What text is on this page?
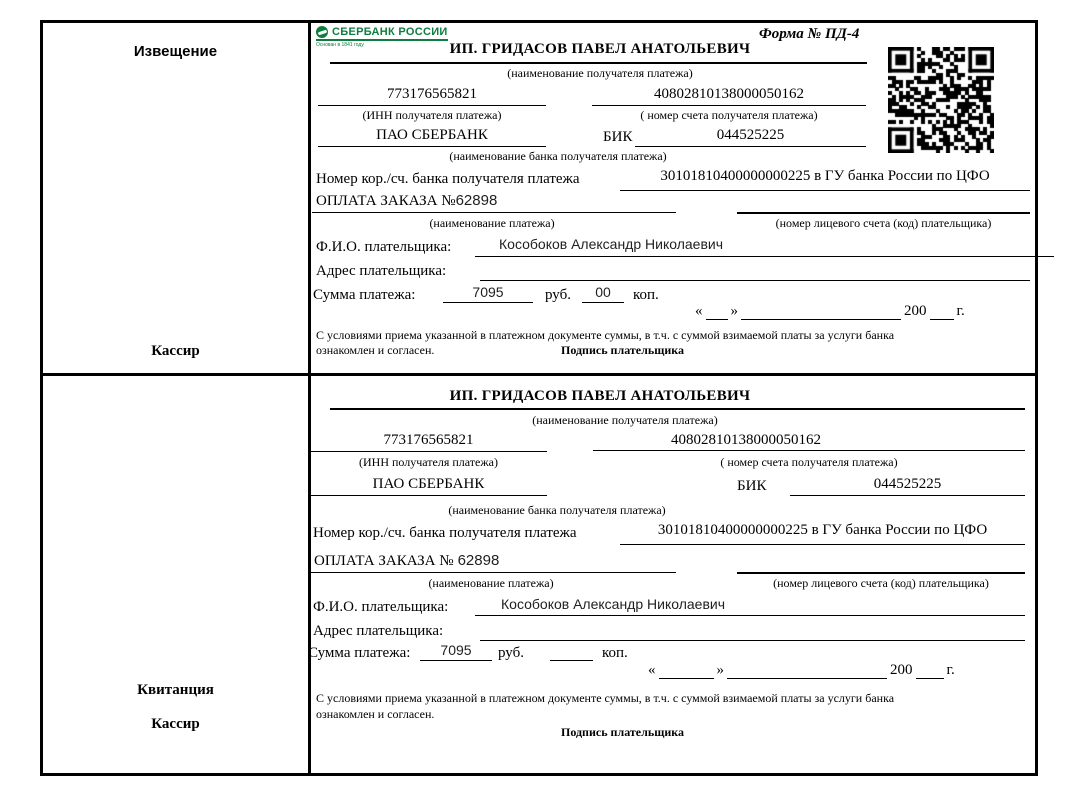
Извещение
Кассир
СБЕРБАНК РОССИИ
Основан в 1841 году
Форма № ПД-4
ИП. ГРИДАСОВ ПАВЕЛ АНАТОЛЬЕВИЧ
(наименование получателя платежа)
773176565821	40802810138000050162
(ИНН получателя платежа)	( номер счета получателя платежа)
ПАО СБЕРБАНК	БИК	044525225
(наименование банка получателя платежа)
Номер кор./сч. банка получателя платежа	30101810400000000225 в ГУ банка России по ЦФО
ОПЛАТА ЗАКАЗА №62898
(наименование платежа)	(номер лицевого счета (код) плательщика)
Ф.И.О. плательщика:	Кособоков Александр Николаевич
Адрес плательщика:
Сумма платежа:	7095	руб.	00	коп.
« »	200 г.
С условиями приема указанной в платежном документе суммы, в т.ч. с суммой взимаемой платы за услуги банка
ознакомлен и согласен.	Подпись плательщика
Квитанция
Кассир
ИП. ГРИДАСОВ ПАВЕЛ АНАТОЛЬЕВИЧ
(наименование получателя платежа)
773176565821	40802810138000050162
(ИНН получателя платежа)	( номер счета получателя платежа)
ПАО СБЕРБАНК	БИК	044525225
(наименование банка получателя платежа)
Номер кор./сч. банка получателя платежа	30101810400000000225 в ГУ банка России по ЦФО
ОПЛАТА ЗАКАЗА № 62898
(наименование платежа)	(номер лицевого счета (код) плательщика)
Ф.И.О. плательщика:	Кособоков Александр Николаевич
Адрес плательщика:
Сумма платежа:	7095	руб.	коп.
«	»	200 г.
С условиями приема указанной в платежном документе суммы, в т.ч. с суммой взимаемой платы за услуги банка
ознакомлен и согласен.
Подпись плательщика
